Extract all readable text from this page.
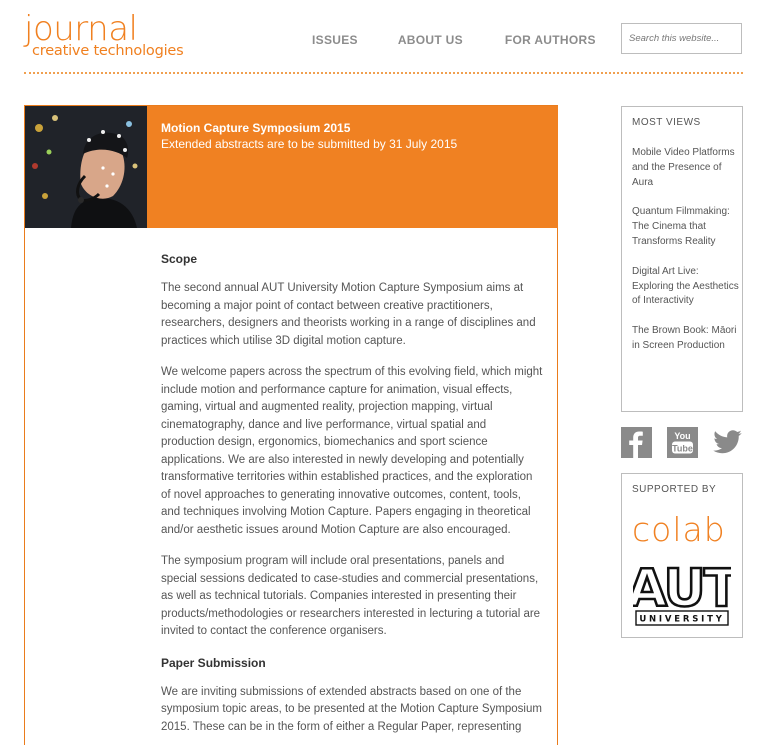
journal
creative technologies
ISSUES	ABOUT US	FOR AUTHORS
Search this website...
Motion Capture Symposium 2015
Extended abstracts are to be submitted by 31 July 2015
Scope

The second annual AUT University Motion Capture Symposium aims at becoming a major point of contact between creative practitioners, researchers, designers and theorists working in a range of disciplines and practices which utilise 3D digital motion capture.

We welcome papers across the spectrum of this evolving field, which might include motion and performance capture for animation, visual effects, gaming, virtual and augmented reality, projection mapping, virtual cinematography, dance and live performance, virtual spatial and production design, ergonomics, biomechanics and sport science applications. We are also interested in newly developing and potentially transformative territories within established practices, and the exploration of novel approaches to generating innovative outcomes, content, tools, and techniques involving Motion Capture. Papers engaging in theoretical and/or aesthetic issues around Motion Capture are also encouraged.

The symposium program will include oral presentations, panels and special sessions dedicated to case-studies and commercial presentations, as well as technical tutorials. Companies interested in presenting their products/methodologies or researchers interested in lecturing a tutorial are invited to contact the conference organisers.

Paper Submission

We are inviting submissions of extended abstracts based on one of the symposium topic areas, to be presented at the Motion Capture Symposium 2015. These can be in the form of either a Regular Paper, representing

MOST VIEWS
Mobile Video Platforms and the Presence of Aura
Quantum Filmmaking: The Cinema that Transforms Reality
Digital Art Live: Exploring the Aesthetics of Interactivity
The Brown Book: Māori in Screen Production
You
Tube
SUPPORTED BY
colab
AUT
UNIVERSITY
